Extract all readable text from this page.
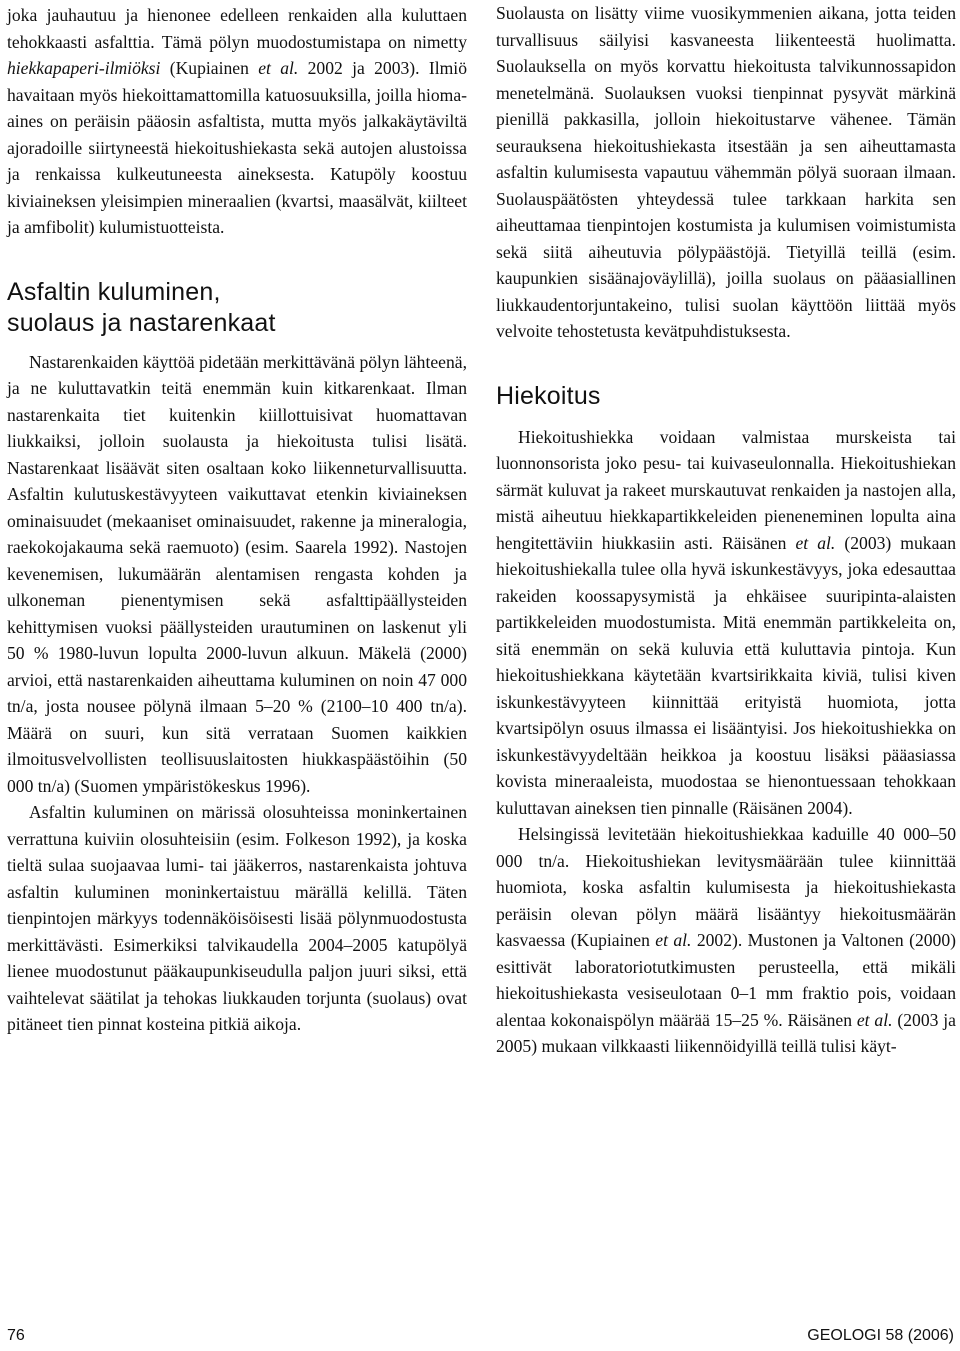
joka jauhautuu ja hienonee edelleen renkaiden alla kuluttaen tehokkaasti asfalttia. Tämä pölyn muodostumistapa on nimetty hiekkapaperi-ilmiöksi (Kupiainen et al. 2002 ja 2003). Ilmiö havaitaan myös hiekoittamattomilla katuosuuksilla, joilla hioma-aines on peräisin pääosin asfaltista, mutta myös jalkakäytäviltä ajoradoille siirtyneestä hiekoitushiekasta sekä autojen alustoissa ja renkaissa kulkeutuneesta aineksesta. Katupöly koostuu kiviaineksen yleisimpien mineraalien (kvartsi, maasälvät, kiilteet ja amfibolit) kulumistuotteista.

Asfaltin kuluminen,
suolaus ja nastarenkaat

Nastarenkaiden käyttöä pidetään merkittävänä pölyn lähteenä, ja ne kuluttavatkin teitä enemmän kuin kitkarenkaat. Ilman nastarenkaita tiet kuitenkin kiillottuisivat huomattavan liukkaiksi, jolloin suolausta ja hiekoitusta tulisi lisätä. Nastarenkaat lisäävät siten osaltaan koko liikenneturvallisuutta. Asfaltin kulutuskestävyyteen vaikuttavat etenkin kiviaineksen ominaisuudet (mekaaniset ominaisuudet, rakenne ja mineralogia, raekokojakauma sekä raemuoto) (esim. Saarela 1992). Nastojen kevenemisen, lukumäärän alentamisen rengasta kohden ja ulkoneman pienentymisen sekä asfalttipäällysteiden kehittymisen vuoksi päällysteiden urautuminen on laskenut yli 50 % 1980-luvun lopulta 2000-luvun alkuun. Mäkelä (2000) arvioi, että nastarenkaiden aiheuttama kuluminen on noin 47 000 tn/a, josta nousee pölynä ilmaan 5–20 % (2100–10 400 tn/a). Määrä on suuri, kun sitä verrataan Suomen kaikkien ilmoitusvelvollisten teollisuuslaitosten hiukkaspäästöihin (50 000 tn/a) (Suomen ympäristökeskus 1996).

Asfaltin kuluminen on märissä olosuhteissa moninkertainen verrattuna kuiviin olosuhteisiin (esim. Folkeson 1992), ja koska tieltä sulaa suojaavaa lumi- tai jääkerros, nastarenkaista johtuva asfaltin kuluminen moninkertaistuu märällä kelillä. Täten tienpintojen märkyys todennäköisöisesti lisää pölynmuodostusta merkittävästi. Esimerkiksi talvikaudella 2004–2005 katupölyä lienee muodostunut pääkaupunkiseudulla paljon juuri siksi, että vaihtelevat säätilat ja tehokas liukkauden torjunta (suolaus) ovat pitäneet tien pinnat kosteina pitkiä aikoja.

Suolausta on lisätty viime vuosikymmenien aikana, jotta teiden turvallisuus säilyisi kasvaneesta liikenteestä huolimatta. Suolauksella on myös korvattu hiekoitusta talvikunnossapidon menetelmänä. Suolauksen vuoksi tienpinnat pysyvät märkinä pienillä pakkasilla, jolloin hiekoitustarve vähenee. Tämän seurauksena hiekoitushiekasta itsestään ja sen aiheuttamasta asfaltin kulumisesta vapautuu vähemmän pölyä suoraan ilmaan. Suolauspäätösten yhteydessä tulee tarkkaan harkita sen aiheuttamaa tienpintojen kostumista ja kulumisen voimistumista sekä siitä aiheutuvia pölypäästöjä. Tietyillä teillä (esim. kaupunkien sisäänajoväylillä), joilla suolaus on pääasiallinen liukkaudentorjuntakeino, tulisi suolan käyttöön liittää myös velvoite tehostetusta kevätpuhdistuksesta.

Hiekoitus

Hiekoitushiekka voidaan valmistaa murskeista tai luonnonsorista joko pesu- tai kuivaseulonnalla. Hiekoitushiekan särmät kuluvat ja rakeet murskautuvat renkaiden ja nastojen alla, mistä aiheutuu hiekkapartikkeleiden pieneneminen lopulta aina hengitettäviin hiukkasiin asti. Räisänen et al. (2003) mukaan hiekoitushiekalla tulee olla hyvä iskunkestävyys, joka edesauttaa rakeiden koossapysymistä ja ehkäisee suuripinta-alaisten partikkeleiden muodostumista. Mitä enemmän partikkeleita on, sitä enemmän on sekä kuluvia että kuluttavia pintoja. Kun hiekoitushiekkana käytetään kvartsirikkaita kiviä, tulisi kiven iskunkestävyyteen kiinnittää erityistä huomiota, jotta kvartsipölyn osuus ilmassa ei lisääntyisi. Jos hiekoitushiekka on iskunkestävyydeltään heikkoa ja koostuu lisäksi pääasiassa kovista mineraaleista, muodostaa se hienontuessaan tehokkaan kuluttavan aineksen tien pinnalle (Räisänen 2004).

Helsingissä levitetään hiekoitushiekkaa kaduille 40 000–50 000 tn/a. Hiekoitushiekan levitysmäärään tulee kiinnittää huomiota, koska asfaltin kulumisesta ja hiekoitushiekasta peräisin olevan pölyn määrä lisääntyy hiekoitusmäärän kasvaessa (Kupiainen et al. 2002). Mustonen ja Valtonen (2000) esittivät laboratoriotutkimusten perusteella, että mikäli hiekoitushiekasta vesiseulotaan 0–1 mm fraktio pois, voidaan alentaa kokonaispölyn määrää 15–25 %. Räisänen et al. (2003 ja 2005) mukaan vilkkaasti liikennöidyillä teillä tulisi käyt-

76	GEOLOGI 58 (2006)
